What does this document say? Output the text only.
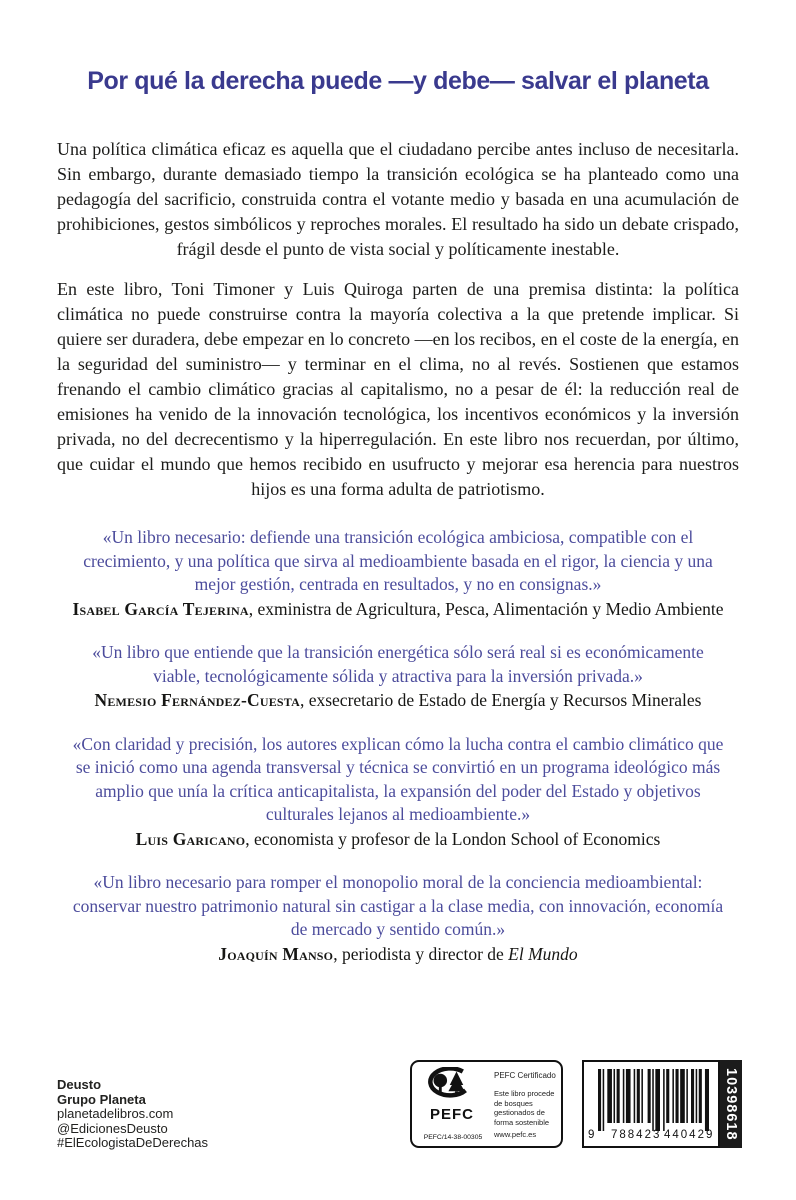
Por qué la derecha puede —y debe— salvar el planeta

Una política climática eficaz es aquella que el ciudadano percibe antes incluso de necesitarla. Sin embargo, durante demasiado tiempo la transición ecológica se ha planteado como una pedagogía del sacrificio, construida contra el votante medio y basada en una acumulación de prohibiciones, gestos simbólicos y reproches morales. El resultado ha sido un debate crispado, frágil desde el punto de vista social y políticamente inestable.

En este libro, Toni Timoner y Luis Quiroga parten de una premisa distinta: la política climática no puede construirse contra la mayoría colectiva a la que pretende implicar. Si quiere ser duradera, debe empezar en lo concreto —en los recibos, en el coste de la energía, en la seguridad del suministro— y terminar en el clima, no al revés. Sostienen que estamos frenando el cambio climático gracias al capitalismo, no a pesar de él: la reducción real de emisiones ha venido de la innovación tecnológica, los incentivos económicos y la inversión privada, no del decrecentismo y la hiperregulación. En este libro nos recuerdan, por último, que cuidar el mundo que hemos recibido en usufructo y mejorar esa herencia para nuestros hijos es una forma adulta de patriotismo.

«Un libro necesario: defiende una transición ecológica ambiciosa, compatible con el crecimiento, y una política que sirva al medioambiente basada en el rigor, la ciencia y una mejor gestión, centrada en resultados, y no en consignas.»

Isabel García Tejerina, exministra de Agricultura, Pesca, Alimentación y Medio Ambiente

«Un libro que entiende que la transición energética sólo será real si es económicamente viable, tecnológicamente sólida y atractiva para la inversión privada.»

Nemesio Fernández-Cuesta, exsecretario de Estado de Energía y Recursos Minerales

«Con claridad y precisión, los autores explican cómo la lucha contra el cambio climático que se inició como una agenda transversal y técnica se convirtió en un programa ideológico más amplio que unía la crítica anticapitalista, la expansión del poder del Estado y objetivos culturales lejanos al medioambiente.»

Luis Garicano, economista y profesor de la London School of Economics

«Un libro necesario para romper el monopolio moral de la conciencia medioambiental: conservar nuestro patrimonio natural sin castigar a la clase media, con innovación, economía de mercado y sentido común.»

Joaquín Manso, periodista y director de El Mundo

Deusto
Grupo Planeta
planetadelibros.com
@EdicionesDeusto
#ElEcologistaDeDerechas
PEFC
PEFC/14-38-00305
PEFC Certificado
Este libro procede de bosques gestionados de forma sostenible
www.pefc.es	9 788423 440429 10398618
